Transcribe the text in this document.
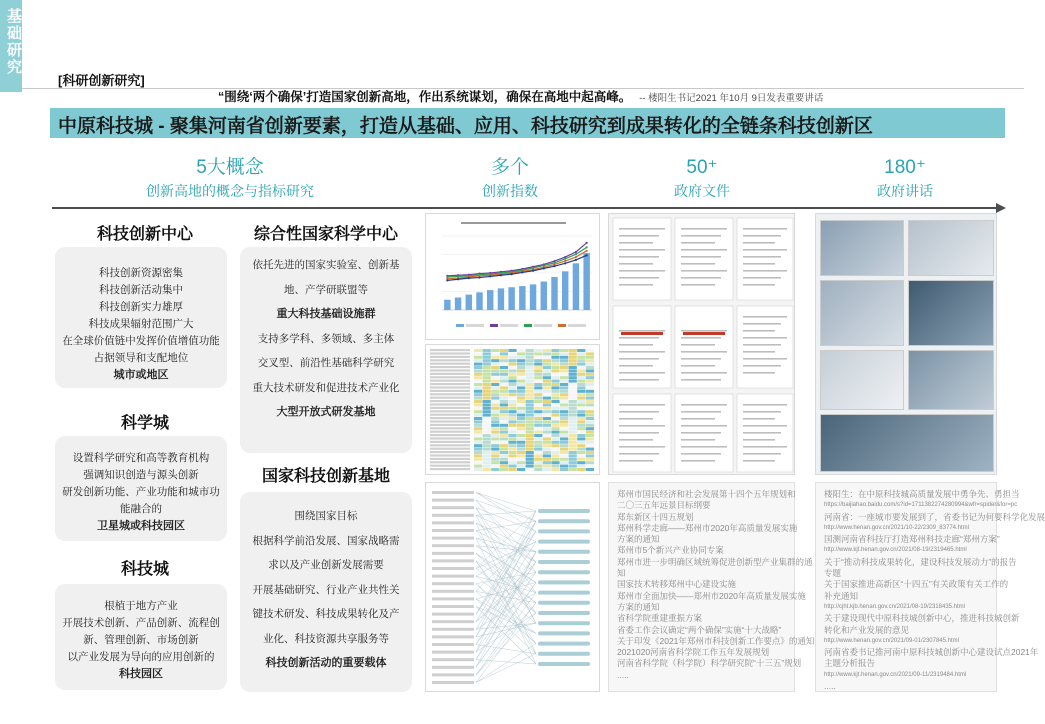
基础研究
[科研创新研究]
“围绕‘两个确保’打造国家创新高地，作出系统谋划，确保在高地中起高峰。 -- 楼阳生书记2021 年10月 9日发表重要讲话
中原科技城 - 聚集河南省创新要素，打造从基础、应用、科技研究到成果转化的全链条科技创新区
5大概念
创新高地的概念与指标研究
多个
创新指数
50⁺
政府文件
180⁺
政府讲话
科技创新中心
科技创新资源密集
科技创新活动集中
科技创新实力雄厚
科技成果辐射范围广大
在全球价值链中发挥价值增值功能
占据领导和支配地位
城市或地区
科学城
设置科学研究和高等教育机构
强调知识创造与源头创新
研发创新功能、产业功能和城市功
能融合的
卫星城或科技园区
科技城
根植于地方产业
开展技术创新、产品创新、流程创
新、管理创新、市场创新
以产业发展为导向的应用创新的
科技园区
综合性国家科学中心
依托先进的国家实验室、创新基
地、产学研联盟等
重大科技基础设施群
支持多学科、多领域、多主体
交叉型、前沿性基础科学研究
重大技术研发和促进技术产业化
大型开放式研发基地
国家科技创新基地
围绕国家目标
根据科学前沿发展、国家战略需
求以及产业创新发展需要
开展基础研究、行业产业共性关
键技术研发、科技成果转化及产
业化、科技资源共享服务等
科技创新活动的重要载体
郑州市国民经济和社会发展第十四个五年规划和
二〇三五年远景目标纲要
郑东新区十四五规划
郑州科学走廊——郑州市2020年高质量发展实施
方案的通知
郑州市5个新兴产业协同专案
郑州市进一步明确区域统筹促进创新型产业集群的通
知
国家技术转移郑州中心建设实施
郑州市全面加快——郑州市2020年高质量发展实施
方案的通知
省科学院重建重振方案
省委工作会议确定“两个确保”实施“十大战略”
关于印发《2021年郑州市科技创新工作要点》的通知
2021020河南省科学院工作五年发展规划
河南省科学院（科学院）科学研究院“十三五”规划
.....
楼阳生：在中原科技城高质量发展中勇争先、勇担当
https://baijiahao.baidu.com/s?id=1711382274280994&wfr=spider&for=pc
河南省：一座城市要发展到了，省委书记为何要科学化发展
http://www.henan.gov.cn/2021/10-22/2309_83774.html
国测河南省科技厅打造郑州科技走廊“郑州方案”
http://www.kjt.henan.gov.cn/2021/08-19/2319465.html
关于“推动科技成果转化，建设科技发展动力”的报告
专题
关于国家推进高新区“十四五”有关政策有关工作的
补充通知
http://cjht.kjb.henan.gov.cn/2021/08-19/2318435.html
关于建设现代中原科技城创新中心，推进科技城创新
转化和产业发展的意见
http://www.henan.gov.cn/2021/09-01/2307845.html
河南省委书记推河南中原科技城创新中心建设试点2021年
主题分析报告
http://www.kjt.henan.gov.cn/2021/09-11/2319484.html
.....
